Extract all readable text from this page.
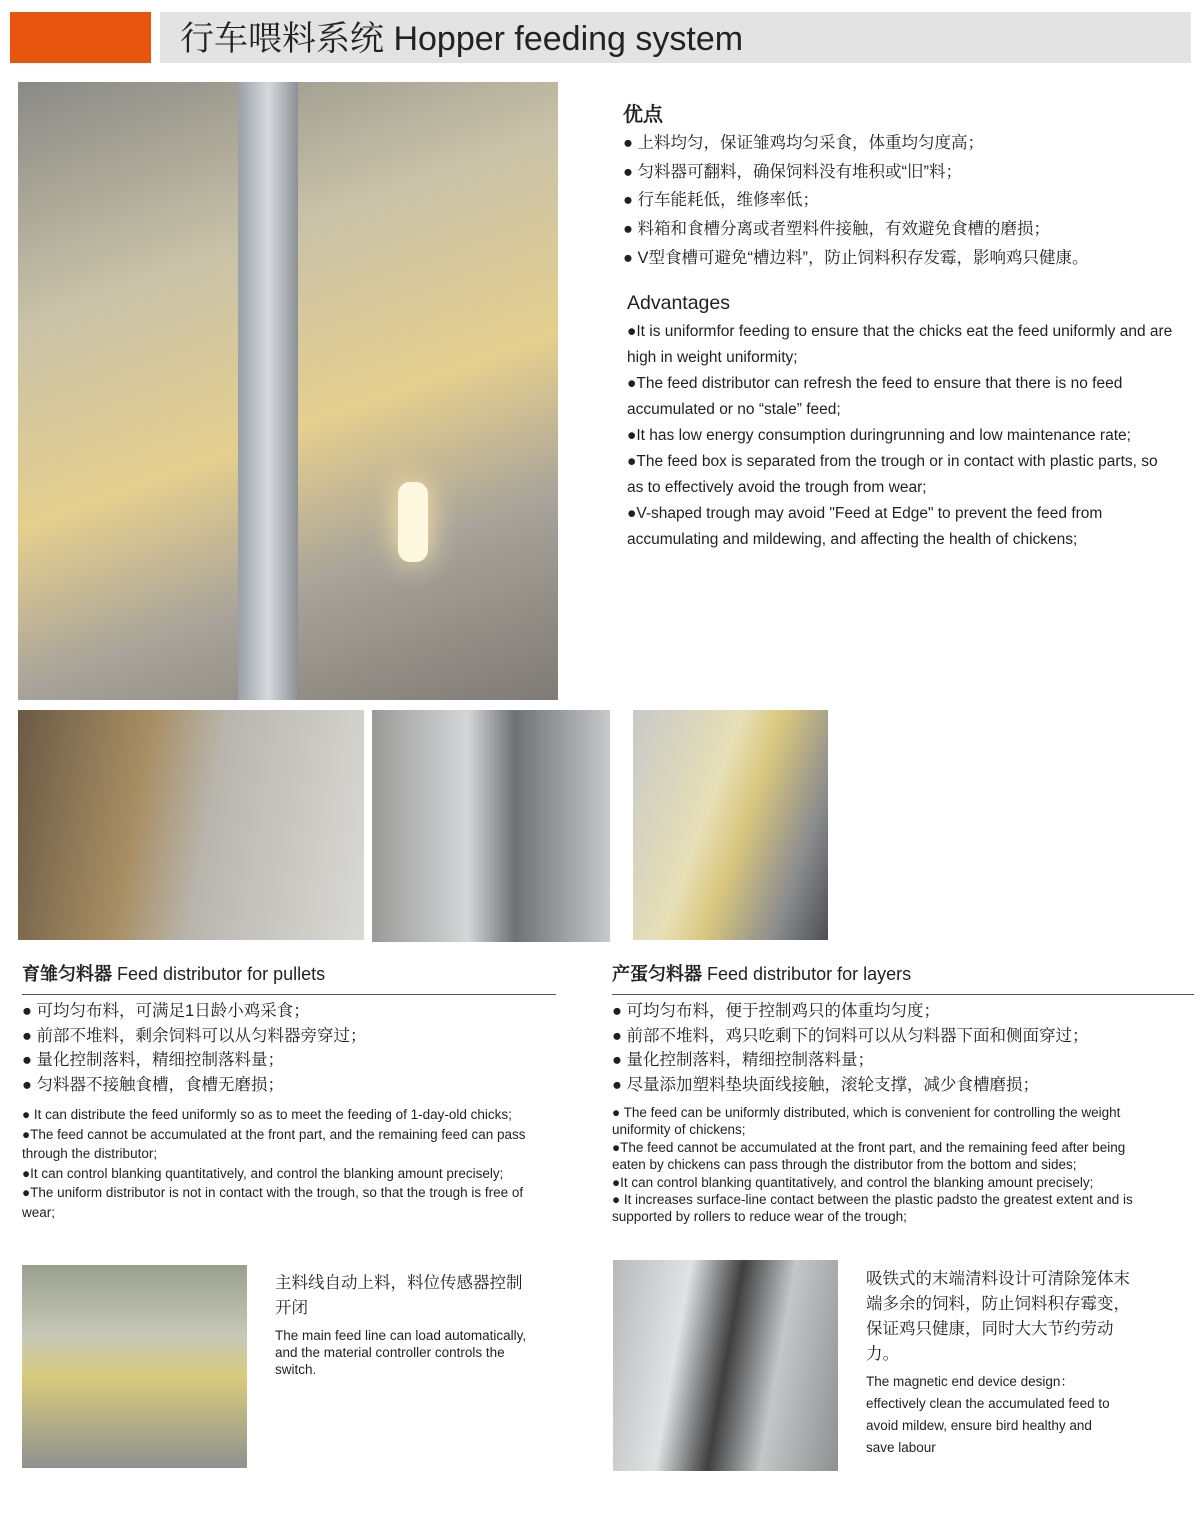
行车喂料系统 Hopper feeding system
优点
● 上料均匀，保证雏鸡均匀采食，体重均匀度高；
● 匀料器可翻料，确保饲料没有堆积或“旧”料；
● 行车能耗低，维修率低；
● 料箱和食槽分离或者塑料件接触，有效避免食槽的磨损；
● V型食槽可避免“槽边料”，防止饲料积存发霉，影响鸡只健康。
Advantages
●It is uniformfor feeding to ensure that the chicks eat the feed uniformly and are high in weight uniformity;
●The feed distributor can refresh the feed to ensure that there is no feed accumulated or no “stale” feed;
●It has low energy consumption duringrunning and low maintenance rate;
●The feed box is separated from the trough or in contact with plastic parts, so as to effectively avoid the trough from wear;
●V-shaped trough may avoid "Feed at Edge" to prevent the feed from accumulating and mildewing, and affecting the health of chickens;
育雏匀料器 Feed distributor for pullets
● 可均匀布料，可满足1日龄小鸡采食；
● 前部不堆料，剩余饲料可以从匀料器旁穿过；
● 量化控制落料，精细控制落料量；
● 匀料器不接触食槽，食槽无磨损；
● It can distribute the feed uniformly so as to meet the feeding of 1-day-old chicks;
●The feed cannot be accumulated at the front part, and the remaining feed can pass through the distributor;
●It can control blanking quantitatively, and control the blanking amount precisely;
●The uniform distributor is not in contact with the trough, so that the trough is free of wear;
产蛋匀料器 Feed distributor for layers
● 可均匀布料，便于控制鸡只的体重均匀度；
● 前部不堆料，鸡只吃剩下的饲料可以从匀料器下面和侧面穿过；
● 量化控制落料，精细控制落料量；
● 尽量添加塑料垫块面线接触，滚轮支撑，减少食槽磨损；
● The feed can be uniformly distributed, which is convenient for controlling the weight uniformity of chickens;
●The feed cannot be accumulated at the front part, and the remaining feed after being eaten by chickens can pass through the distributor from the bottom and sides;
●It can control blanking quantitatively, and control the blanking amount precisely;
● It increases surface-line contact between the plastic padsto the greatest extent and is supported by rollers to reduce wear of the trough;
主料线自动上料，料位传感器控制开闭
The main feed line can load automatically, and the material controller controls the switch.
吸铁式的末端清料设计可清除笼体末端多余的饲料，防止饲料积存霉变，保证鸡只健康，同时大大节约劳动力。
The magnetic end device design：effectively clean the accumulated feed to avoid mildew, ensure bird healthy and save labour
